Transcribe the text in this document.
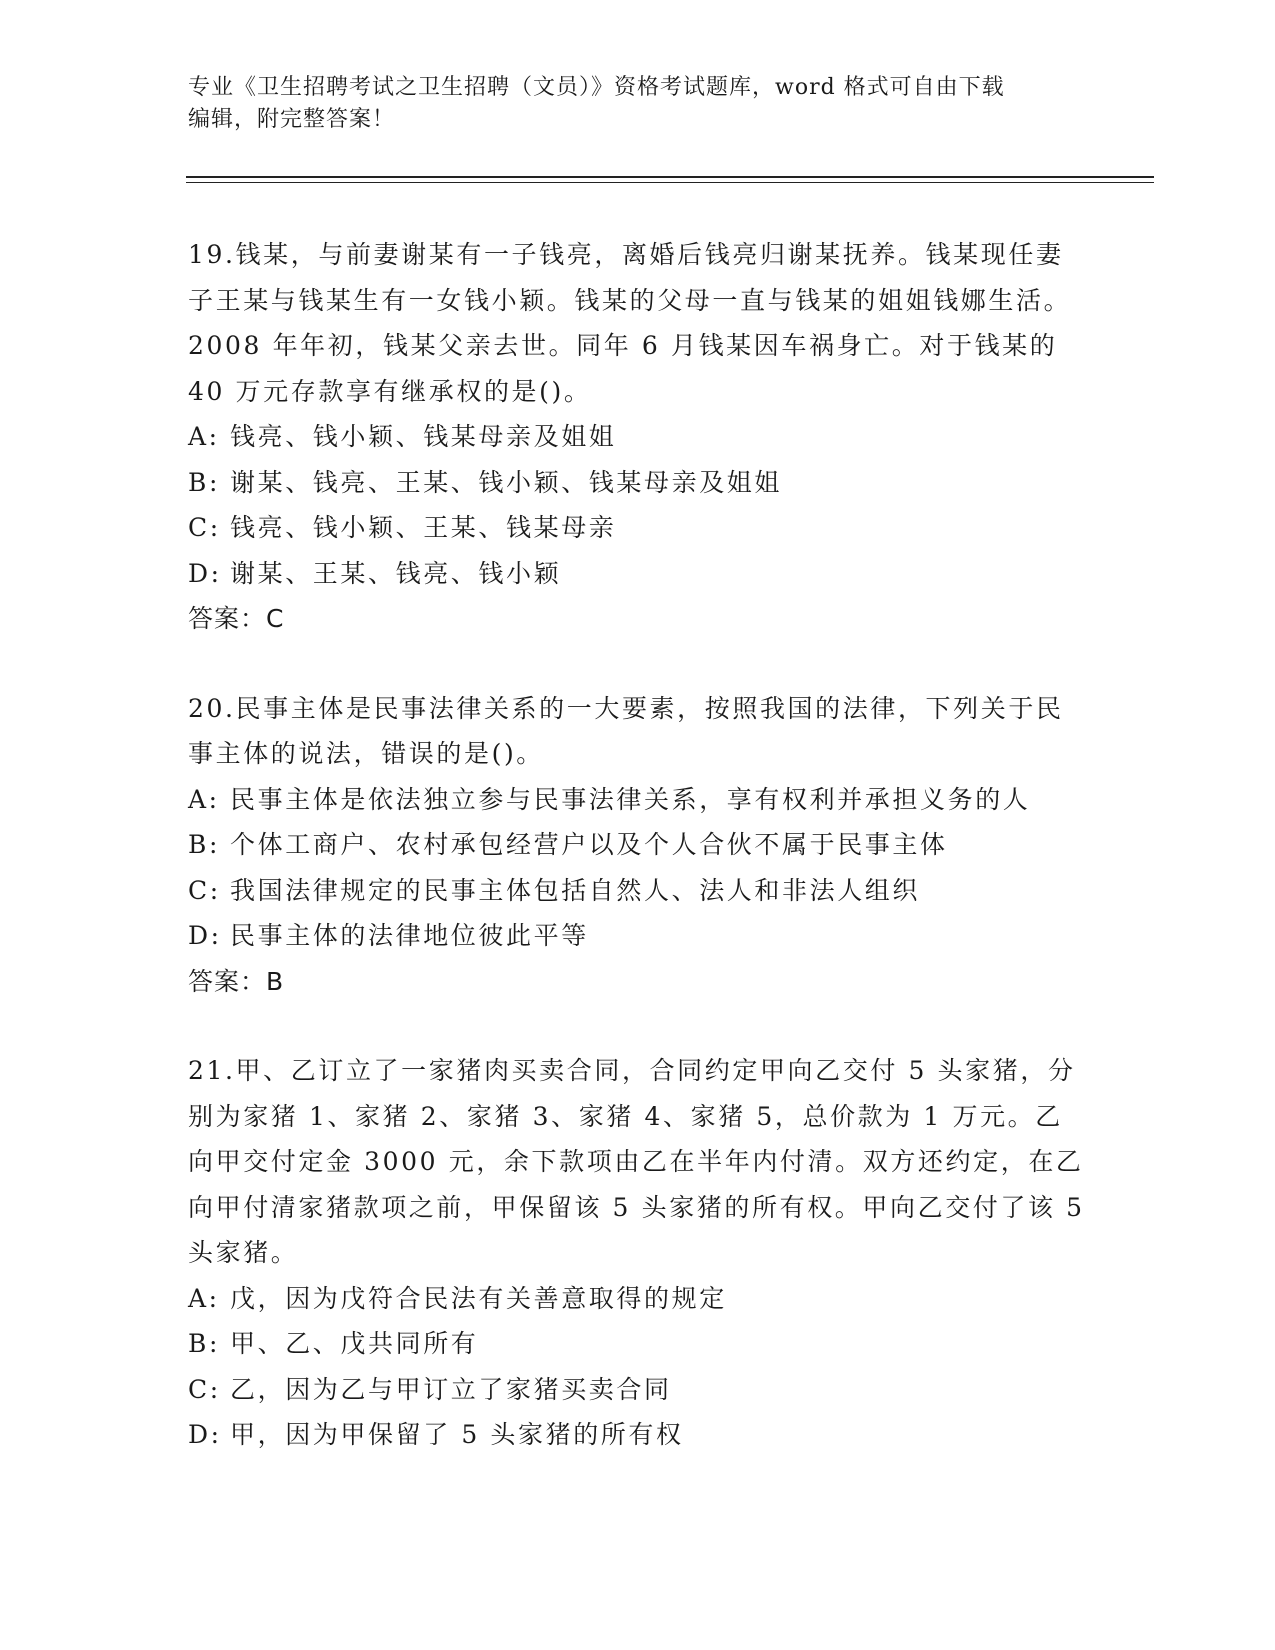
专业《卫生招聘考试之卫生招聘（文员）》资格考试题库，word 格式可自由下载
编辑，附完整答案！

19.钱某，与前妻谢某有一子钱亮，离婚后钱亮归谢某抚养。钱某现任妻子王某与钱某生有一女钱小颖。钱某的父母一直与钱某的姐姐钱娜生活。2008 年年初，钱某父亲去世。同年 6 月钱某因车祸身亡。对于钱某的 40 万元存款享有继承权的是()。

A: 钱亮、钱小颖、钱某母亲及姐姐

B: 谢某、钱亮、王某、钱小颖、钱某母亲及姐姐

C: 钱亮、钱小颖、王某、钱某母亲

D: 谢某、王某、钱亮、钱小颖

答案：C

20.民事主体是民事法律关系的一大要素，按照我国的法律，下列关于民事主体的说法，错误的是()。

A: 民事主体是依法独立参与民事法律关系，享有权利并承担义务的人

B: 个体工商户、农村承包经营户以及个人合伙不属于民事主体

C: 我国法律规定的民事主体包括自然人、法人和非法人组织

D: 民事主体的法律地位彼此平等

答案：B

21.甲、乙订立了一家猪肉买卖合同，合同约定甲向乙交付 5 头家猪，分别为家猪 1、家猪 2、家猪 3、家猪 4、家猪 5，总价款为 1 万元。乙向甲交付定金 3000 元，余下款项由乙在半年内付清。双方还约定，在乙向甲付清家猪款项之前，甲保留该 5 头家猪的所有权。甲向乙交付了该 5 头家猪。

A: 戊，因为戊符合民法有关善意取得的规定

B: 甲、乙、戊共同所有

C: 乙，因为乙与甲订立了家猪买卖合同

D: 甲，因为甲保留了 5 头家猪的所有权
